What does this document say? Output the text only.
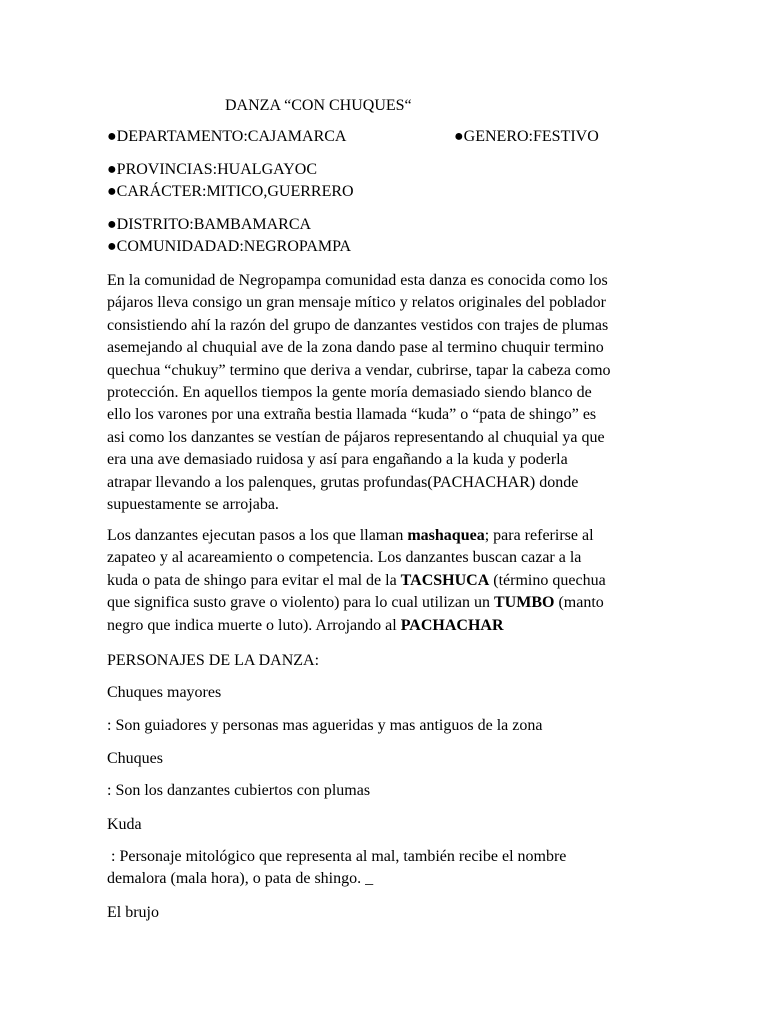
DANZA “CON CHUQUES“
●DEPARTAMENTO:CAJAMARCA	●GENERO:FESTIVO
●PROVINCIAS:HUALGAYOC
●CARÁCTER:MITICO,GUERRERO
●DISTRITO:BAMBAMARCA
●COMUNIDADAD:NEGROPAMPA
En la comunidad de Negropampa comunidad esta danza es conocida como los
pájaros lleva consigo un gran mensaje mítico y relatos originales del poblador
consistiendo ahí la razón del grupo de danzantes vestidos con trajes de plumas
asemejando al chuquial ave de la zona dando pase al termino chuquir termino
quechua “chukuy” termino que deriva a vendar, cubrirse, tapar la cabeza como
protección. En aquellos tiempos la gente moría demasiado siendo blanco de
ello los varones por una extraña bestia llamada “kuda” o “pata de shingo” es
asi como los danzantes se vestían de pájaros representando al chuquial ya que
era una ave demasiado ruidosa y así para engañando a la kuda y poderla
atrapar llevando a los palenques, grutas profundas(PACHACHAR) donde
supuestamente se arrojaba.
Los danzantes ejecutan pasos a los que llaman mashaquea; para referirse al
zapateo y al acareamiento o competencia. Los danzantes buscan cazar a la
kuda o pata de shingo para evitar el mal de la TACSHUCA (término quechua
que significa susto grave o violento) para lo cual utilizan un TUMBO (manto
negro que indica muerte o luto). Arrojando al PACHACHAR
PERSONAJES DE LA DANZA:
Chuques mayores
: Son guiadores y personas mas agueridas y mas antiguos de la zona
Chuques
: Son los danzantes cubiertos con plumas
Kuda
: Personaje mitológico que representa al mal, también recibe el nombre
demalora (mala hora), o pata de shingo. _
El brujo
